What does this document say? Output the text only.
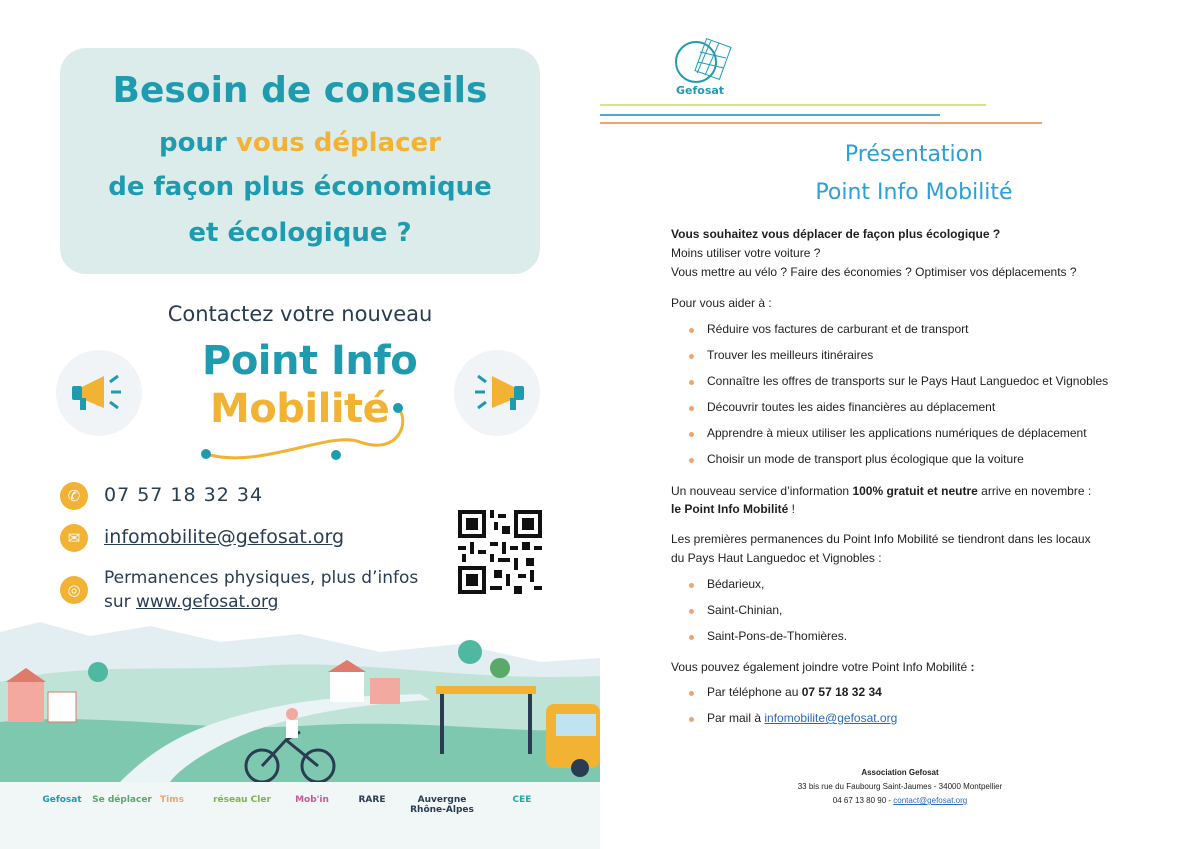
Besoin de conseils
pour vous déplacer
de façon plus économique
et écologique ?
Contactez votre nouveau
Point Info
Mobilité
✆	07 57 18 32 34
✉	infomobilite@gefosat.org
◎
Permanences physiques, plus d’infos
sur www.gefosat.org
Gefosat	Se déplacer Tims	réseau Cler	Mob'in	RARE	Auvergne Rhône-Alpes
CEE
Gefosat
Présentation
Point Info Mobilité
Vous souhaitez vous déplacer de façon plus écologique ?
Moins utiliser votre voiture ?
Vous mettre au vélo ? Faire des économies ? Optimiser vos déplacements ?
Pour vous aider à :
Un nouveau service d’information 100% gratuit et neutre arrive en novembre :
le Point Info Mobilité !
Les premières permanences du Point Info Mobilité se tiendront dans les locaux
du Pays Haut Languedoc et Vignobles :
Vous pouvez également joindre votre Point Info Mobilité :
Par téléphone au 07 57 18 32 34
Par mail à infomobilite@gefosat.org
Association Gefosat
33 bis rue du Faubourg Saint-Jaumes - 34000 Montpellier
04 67 13 80 90 - contact@gefosat.org
Réduire vos factures de carburant et de transport
Trouver les meilleurs itinéraires
Connaître les offres de transports sur le Pays Haut Languedoc et Vignobles
Découvrir toutes les aides financières au déplacement
Apprendre à mieux utiliser les applications numériques de déplacement
Choisir un mode de transport plus écologique que la voiture
Bédarieux,
Saint-Chinian,
Saint-Pons-de-Thomières.
